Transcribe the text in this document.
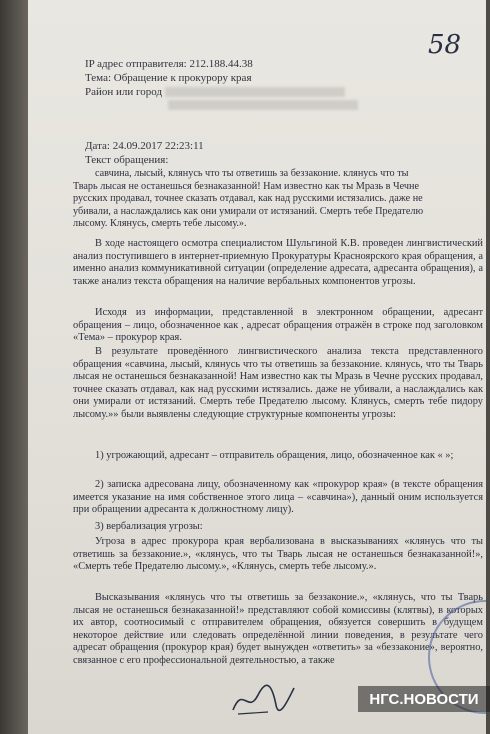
IP адрес отправителя: 212.188.44.38
Тема: Обращение к прокурору края
Район или город
Дата: 24.09.2017 22:23:11
Текст обращения:
58
савчина, лысый, клянусь что ты ответишь за беззаконие. клянусь что ты
Тварь лысая не останешься безнаказанной! Нам известно как ты Мразь в Чечне
русских продавал, точнее сказать отдавал, как над русскими истязались. даже не
убивали, а наслаждались как они умирали от истязаний. Смерть тебе Предателю
лысому. Клянусь, смерть тебе лысому.».

В ходе настоящего осмотра специалистом Шульгиной К.В. проведен лингвистический анализ поступившего в интернет-приемную Прокуратуры Красноярского края обращения, а именно анализ коммуникативной ситуации (определение адресата, адресанта обращения), а также анализ текста обращения на наличие вербальных компонентов угрозы.

Исходя из информации, представленной в электронном обращении, адресант обращения – лицо, обозначенное как , адресат обращения отражён в строке под заголовком «Тема» – прокурор края.

В результате проведённого лингвистического анализа текста представленного обращения «савчина, лысый, клянусь что ты ответишь за беззаконие. клянусь, что ты Тварь лысая не останешься безнаказанной! Нам известно как ты Мразь в Чечне русских продавал, точнее сказать отдавал, как над русскими истязались. даже не убивали, а наслаждались как они умирали от истязаний. Смерть тебе Предателю лысому. Клянусь, смерть тебе пидору лысому.»» были выявлены следующие структурные компоненты угрозы:

1) угрожающий, адресант – отправитель обращения, лицо, обозначенное как « »;

2) записка адресована лицу, обозначенному как «прокурор края» (в тексте обращения имеется указание на имя собственное этого лица – «савчина»), данный оним используется при обращении адресанта к должностному лицу).

3) вербализация угрозы:

Угроза в адрес прокурора края вербализована в высказываниях «клянусь что ты ответишь за беззаконие.», «клянусь, что ты Тварь лысая не останешься безнаказанной!», «Смерть тебе Предателю лысому.», «Клянусь, смерть тебе лысому.».

Высказывания «клянусь что ты ответишь за беззаконие.», «клянусь, что ты Тварь лысая не останешься безнаказанной!» представляют собой комиссивы (клятвы), в которых их автор, соотносимый с отправителем обращения, обязуется совершить в будущем некоторое действие или следовать определённой линии поведения, в результате чего адресат обращения (прокурор края) будет вынужден «ответить» за «беззаконие», вероятно, связанное с его профессиональной деятельностью, а также

НГС.НОВОСТИ
